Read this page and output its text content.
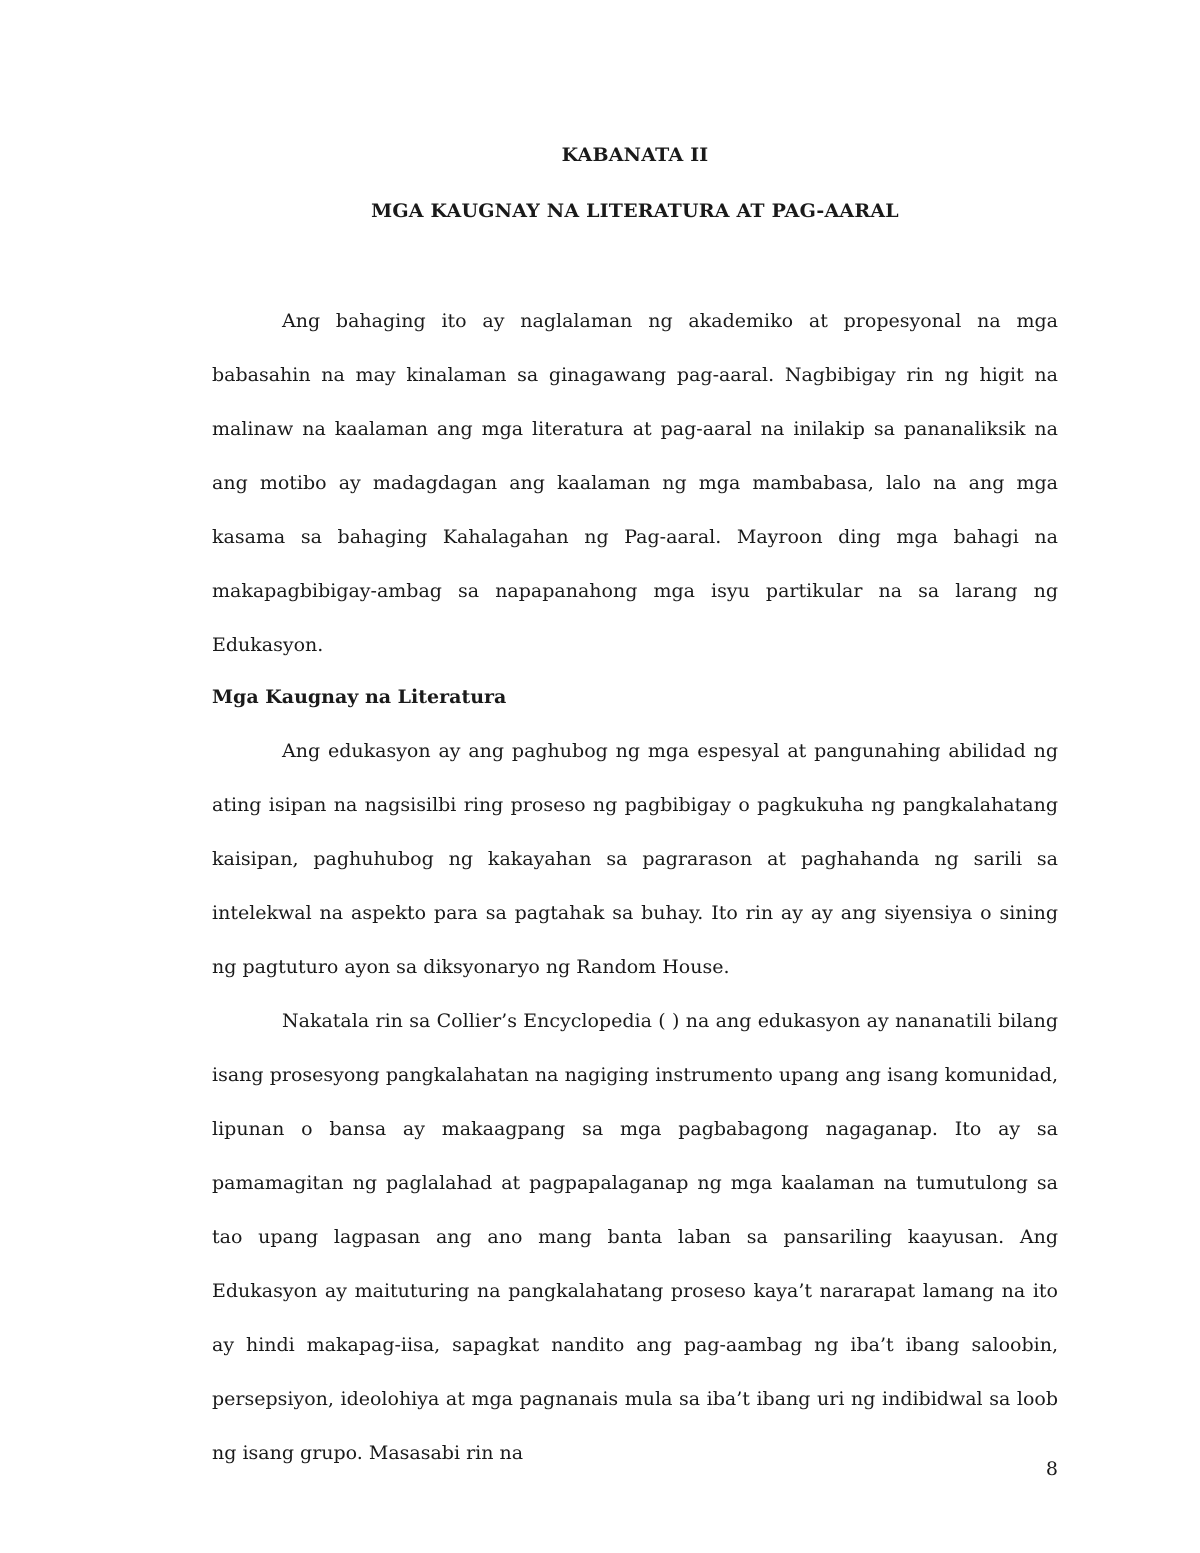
KABANATA II
MGA KAUGNAY NA LITERATURA AT PAG-AARAL

Ang bahaging ito ay naglalaman ng akademiko at propesyonal na mga babasahin na may kinalaman sa ginagawang pag-aaral. Nagbibigay rin ng higit na malinaw na kaalaman ang mga literatura at pag-aaral na inilakip sa pananaliksik na ang motibo ay madagdagan ang kaalaman ng mga mambabasa, lalo na ang mga kasama sa bahaging Kahalagahan ng Pag-aaral. Mayroon ding mga bahagi na makapagbibigay-ambag sa napapanahong mga isyu partikular na sa larang ng Edukasyon.

Mga Kaugnay na Literatura

Ang edukasyon ay ang paghubog ng mga espesyal at pangunahing abilidad ng ating isipan na nagsisilbi ring proseso ng pagbibigay o pagkukuha ng pangkalahatang kaisipan, paghuhubog ng kakayahan sa pagrarason at paghahanda ng sarili sa intelekwal na aspekto para sa pagtahak sa buhay. Ito rin ay ay ang siyensiya o sining ng pagtuturo ayon sa diksyonaryo ng Random House.

Nakatala rin sa Collier’s Encyclopedia ( ) na ang edukasyon ay nananatili bilang isang prosesyong pangkalahatan na nagiging instrumento upang ang isang komunidad, lipunan o bansa ay makaagpang sa mga pagbabagong nagaganap. Ito ay sa pamamagitan ng paglalahad at pagpapalaganap ng mga kaalaman na tumutulong sa tao upang lagpasan ang ano mang banta laban sa pansariling kaayusan. Ang Edukasyon ay maituturing na pangkalahatang proseso kaya’t nararapat lamang na ito ay hindi makapag-iisa, sapagkat nandito ang pag-aambag ng iba’t ibang saloobin, persepsiyon, ideolohiya at mga pagnanais mula sa iba’t ibang uri ng indibidwal sa loob ng isang grupo. Masasabi rin na

8
